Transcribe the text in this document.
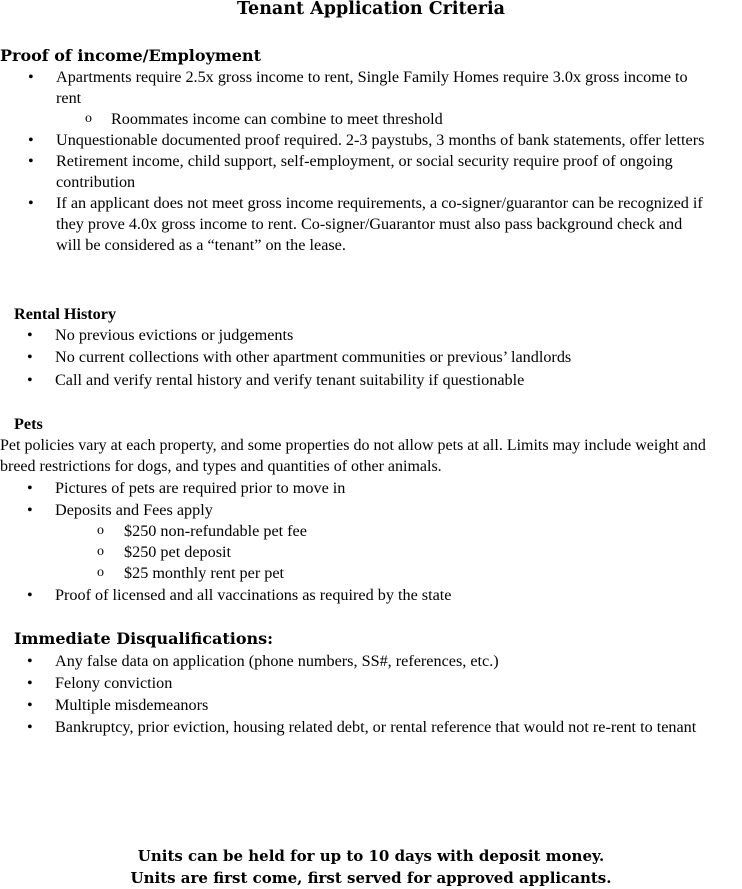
Tenant Application Criteria
Proof of income/Employment
• Apartments require 2.5x gross income to rent, Single Family Homes require 3.0x gross income to rent
o Roommates income can combine to meet threshold
• Unquestionable documented proof required. 2-3 paystubs, 3 months of bank statements, offer letters
• Retirement income, child support, self-employment, or social security require proof of ongoing contribution
• If an applicant does not meet gross income requirements, a co-signer/guarantor can be recognized if they prove 4.0x gross income to rent. Co-signer/Guarantor must also pass background check and will be considered as a “tenant” on the lease.
Rental History
• No previous evictions or judgements
• No current collections with other apartment communities or previous’ landlords
• Call and verify rental history and verify tenant suitability if questionable
Pets

Pet policies vary at each property, and some properties do not allow pets at all. Limits may include weight and breed restrictions for dogs, and types and quantities of other animals.

• Pictures of pets are required prior to move in
• Deposits and Fees apply
o $250 non-refundable pet fee
o $250 pet deposit
o $25 monthly rent per pet
• Proof of licensed and all vaccinations as required by the state
Immediate Disqualifications:
• Any false data on application (phone numbers, SS#, references, etc.)
• Felony conviction
• Multiple misdemeanors
• Bankruptcy, prior eviction, housing related debt, or rental reference that would not re-rent to tenant
Units can be held for up to 10 days with deposit money.
Units are first come, first served for approved applicants.
